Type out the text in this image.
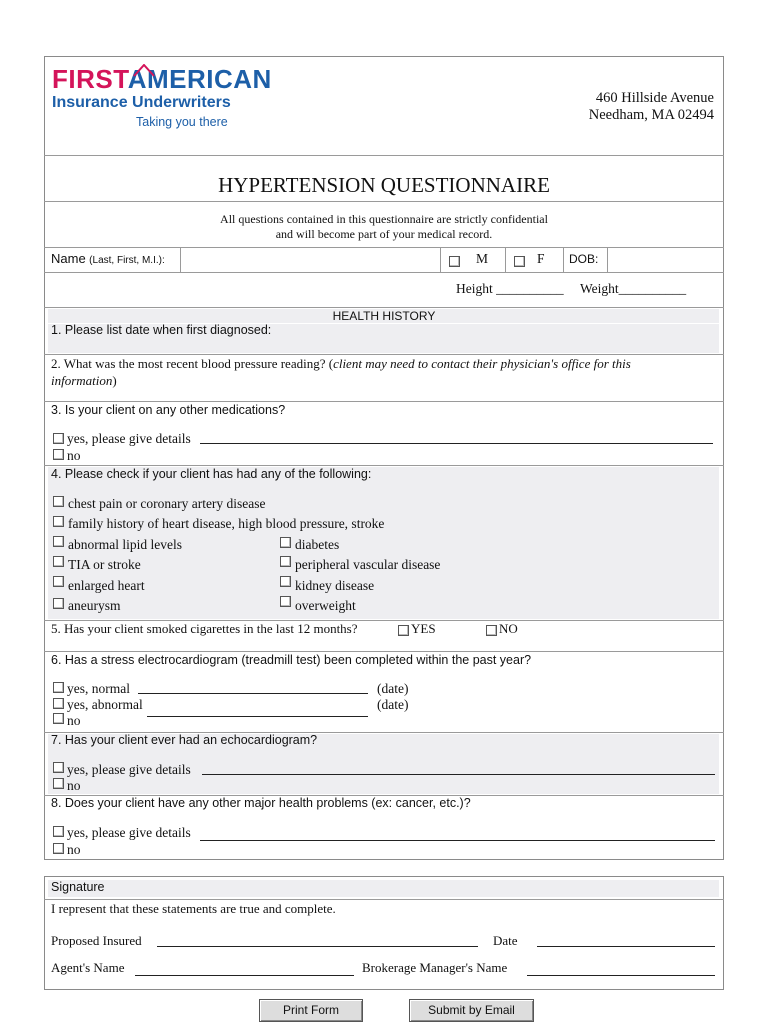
FIRSTAMERICAN
Insurance Underwriters
Taking you there
460 Hillside Avenue
Needham, MA 02494
HYPERTENSION QUESTIONNAIRE
All questions contained in this questionnaire are strictly confidential
and will become part of your medical record.
Name (Last, First, M.I.):	M	F DOB:
Height __________ Weight__________
HEALTH HISTORY
1. Please list date when first diagnosed:
2. What was the most recent blood pressure reading? (client may need to contact their physician's office for this
information)
3. Is your client on any other medications?
yes, please give details
no
4. Please check if your client has had any of the following:
chest pain or coronary artery disease
family history of heart disease, high blood pressure, stroke
abnormal lipid levels	diabetes
TIA or stroke	peripheral vascular disease
enlarged heart	kidney disease
aneurysm	overweight
5. Has your client smoked cigarettes in the last 12 months?	YES	NO
6. Has a stress electrocardiogram (treadmill test) been completed within the past year?
yes, normal	(date)
yes, abnormal	(date)
no
7. Has your client ever had an echocardiogram?
yes, please give details
no
8. Does your client have any other major health problems (ex: cancer, etc.)?
yes, please give details
no
Signature
I represent that these statements are true and complete.
Proposed Insured	Date
Agent's Name	Brokerage Manager's Name
Print Form	Submit by Email
